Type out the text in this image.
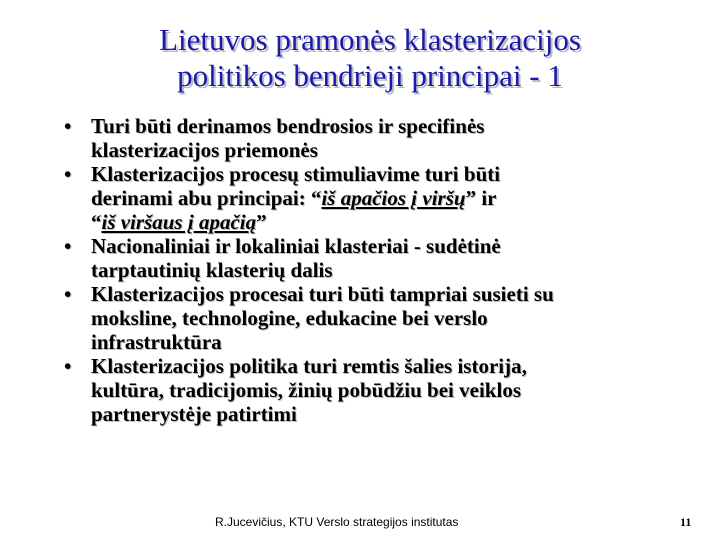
Lietuvos pramonės klasterizacijos
politikos bendrieji principai - 1
• Turi būti derinamos bendrosios ir specifinės
klasterizacijos priemonės
• Klasterizacijos procesų stimuliavime turi būti
derinami abu principai: “iš apačios į viršų” ir
“iš viršaus į apačią”
• Nacionaliniai ir lokaliniai klasteriai - sudėtinė
tarptautinių klasterių dalis
• Klasterizacijos procesai turi būti tampriai susieti su
moksline, technologine, edukacine bei verslo
infrastruktūra
• Klasterizacijos politika turi remtis šalies istorija,
kultūra, tradicijomis, žinių pobūdžiu bei veiklos
partnerystėje patirtimi
R.Jucevičius, KTU Verslo strategijos institutas	11
